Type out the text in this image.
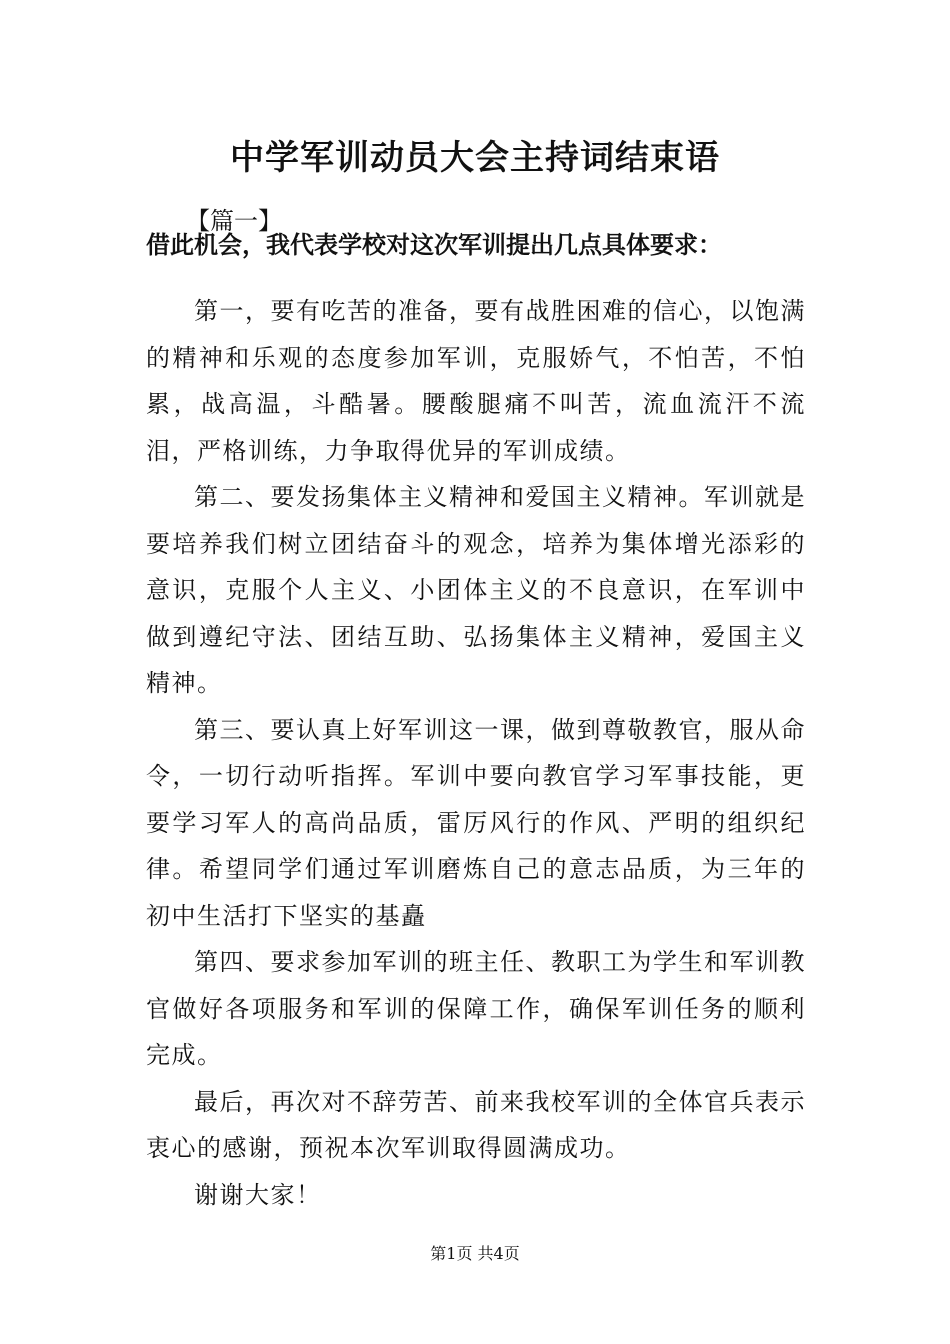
中学军训动员大会主持词结束语
【篇一】
借此机会，我代表学校对这次军训提出几点具体要求：

第一，要有吃苦的准备，要有战胜困难的信心，以饱满的精神和乐观的态度参加军训，克服娇气，不怕苦，不怕累，战高温，斗酷暑。腰酸腿痛不叫苦，流血流汗不流泪，严格训练，力争取得优异的军训成绩。

第二、要发扬集体主义精神和爱国主义精神。军训就是要培养我们树立团结奋斗的观念，培养为集体增光添彩的意识，克服个人主义、小团体主义的不良意识，在军训中做到遵纪守法、团结互助、弘扬集体主义精神，爱国主义精神。

第三、要认真上好军训这一课，做到尊敬教官，服从命令，一切行动听指挥。军训中要向教官学习军事技能，更要学习军人的高尚品质，雷厉风行的作风、严明的组织纪律。希望同学们通过军训磨炼自己的意志品质，为三年的初中生活打下坚实的基矗

第四、要求参加军训的班主任、教职工为学生和军训教官做好各项服务和军训的保障工作，确保军训任务的顺利完成。

最后，再次对不辞劳苦、前来我校军训的全体官兵表示衷心的感谢，预祝本次军训取得圆满成功。

谢谢大家！

第1页 共4页
